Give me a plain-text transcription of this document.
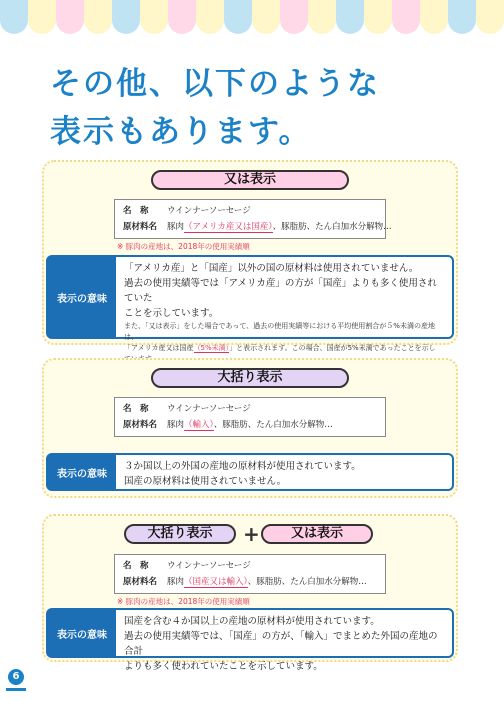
その他、以下のような
表示もあります。
又は表示
名　称 ウインナーソーセージ
原材料名 豚肉（アメリカ産又は国産）、豚脂肪、たん白加水分解物…
※ 豚肉の産地は、2018年の使用実績順
表示の意味
「アメリカ産」と「国産」以外の国の原材料は使用されていません。
過去の使用実績等では「アメリカ産」の方が「国産」よりも多く使用されていた
ことを示しています。
また、「又は表示」をした場合であって、過去の使用実績等における平均使用割合が５%未満の産地は、
「アメリカ産又は国産（5%未満）」と表示されます。この場合、国産が5%未満であったことを示し
大括り表示
名　称 ウインナーソーセージ
原材料名 豚肉（輸入）、豚脂肪、たん白加水分解物…
表示の意味
３か国以上の外国の産地の原材料が使用されています。
国産の原材料は使用されていません。
大括り表示	+	又は表示
名　称 ウインナーソーセージ
原材料名 豚肉（国産又は輸入）、豚脂肪、たん白加水分解物…
※ 豚肉の産地は、2018年の使用実績順
表示の意味
国産を含む４か国以上の産地の原材料が使用されています。
過去の使用実績等では、「国産」の方が、「輸入」でまとめた外国の産地の合計
よりも多く使われていたことを示しています。
6
